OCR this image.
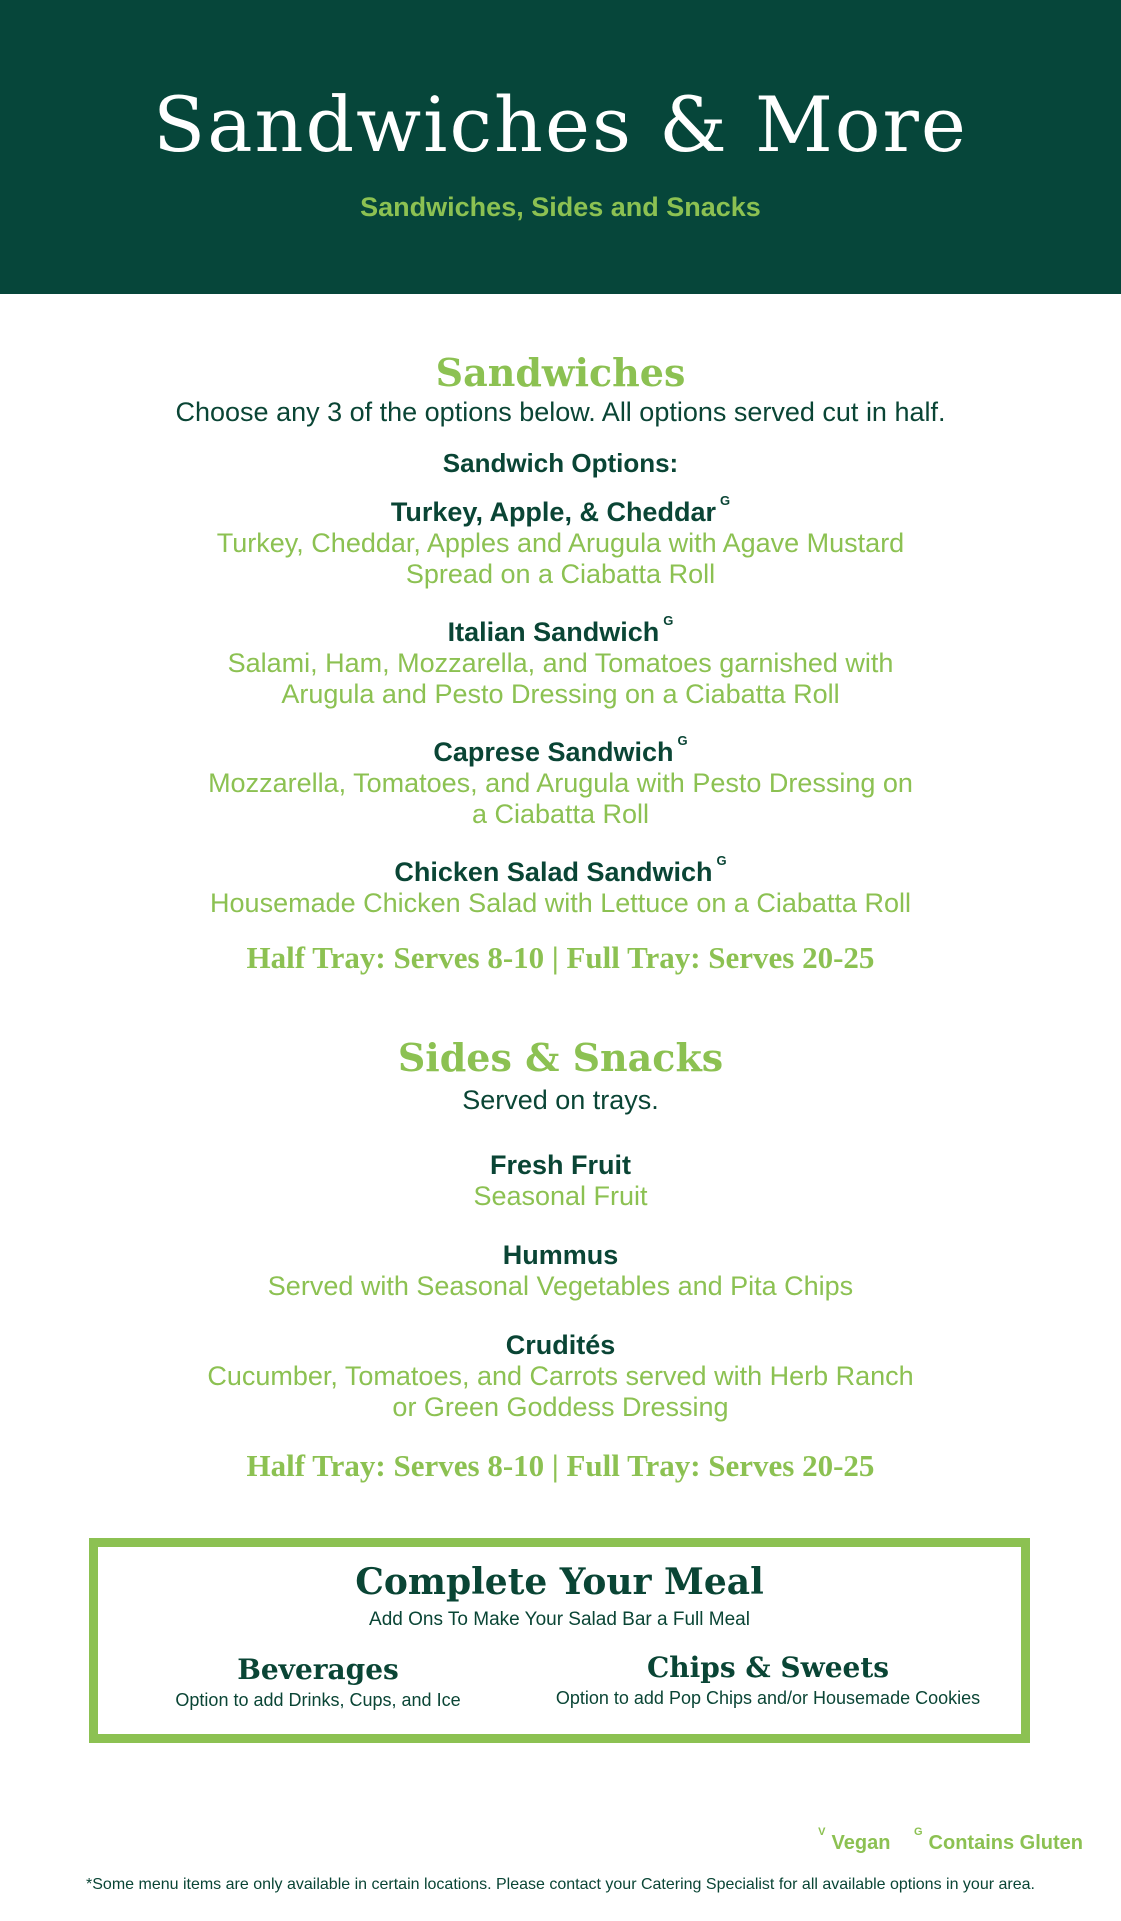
Sandwiches & More
Sandwiches, Sides and Snacks
Sandwiches
Choose any 3 of the options below. All options served cut in half.
Sandwich Options:
Turkey, Apple, & Cheddar $^G$
Turkey, Cheddar, Apples and Arugula with Agave Mustard
Spread on a Ciabatta Roll
Italian Sandwich $^G$
Salami, Ham, Mozzarella, and Tomatoes garnished with
Arugula and Pesto Dressing on a Ciabatta Roll
Caprese Sandwich $^G$
Mozzarella, Tomatoes, and Arugula with Pesto Dressing on
a Ciabatta Roll
Chicken Salad Sandwich $^G$
Housemade Chicken Salad with Lettuce on a Ciabatta Roll
Half Tray: Serves 8-10 | Full Tray: Serves 20-25
Sides & Snacks
Served on trays.
Fresh Fruit
Seasonal Fruit
Hummus
Served with Seasonal Vegetables and Pita Chips
Crudités
Cucumber, Tomatoes, and Carrots served with Herb Ranch
or Green Goddess Dressing
Half Tray: Serves 8-10 | Full Tray: Serves 20-25
Complete Your Meal
Add Ons To Make Your Salad Bar a Full Meal
Beverages
Option to add Drinks, Cups, and Ice
Chips & Sweets
Option to add Pop Chips and/or Housemade Cookies
$^V$ Vegan $^G$ Contains Gluten
*Some menu items are only available in certain locations. Please contact your Catering Specialist for all available options in your area.
